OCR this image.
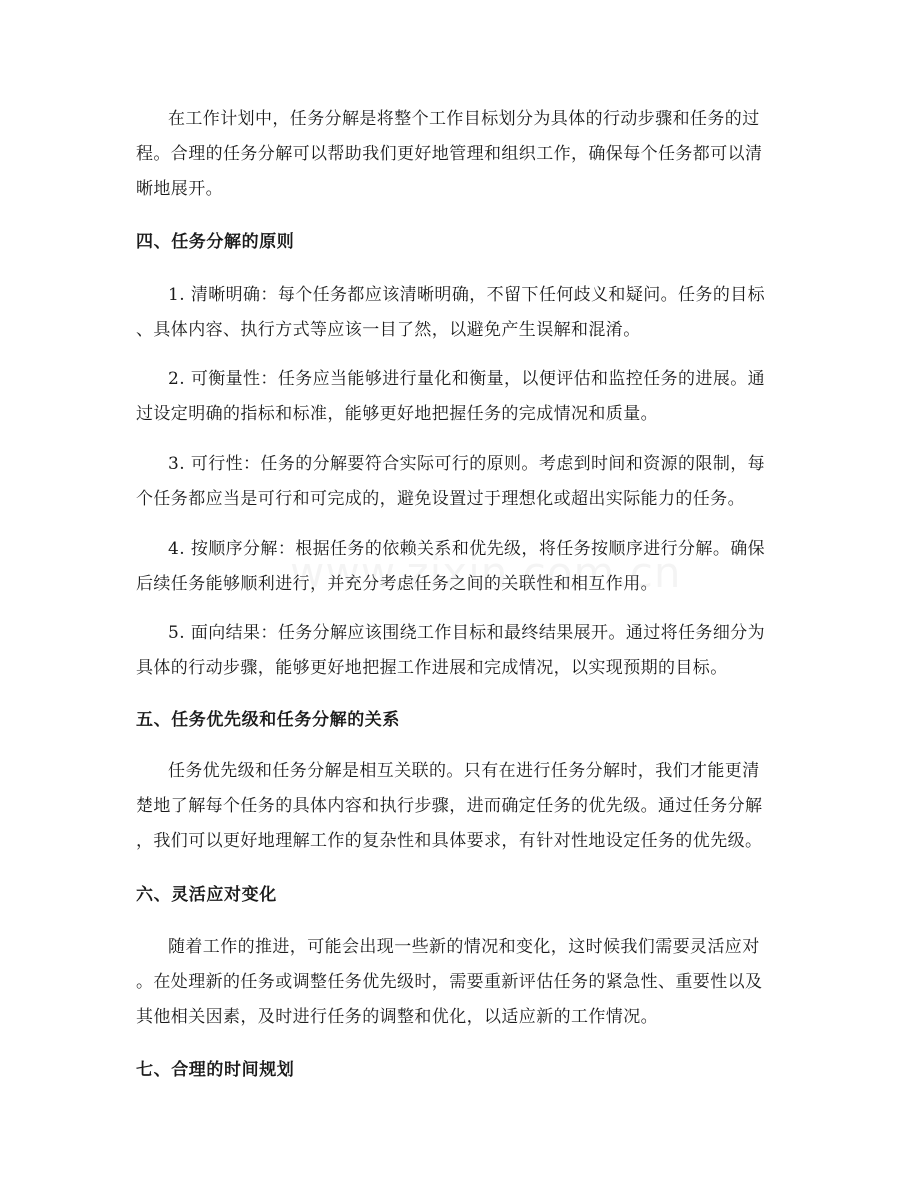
在工作计划中，任务分解是将整个工作目标划分为具体的行动步骤和任务的过
程。合理的任务分解可以帮助我们更好地管理和组织工作，确保每个任务都可以清
晰地展开。

四、任务分解的原则

1. 清晰明确：每个任务都应该清晰明确，不留下任何歧义和疑问。任务的目标
、具体内容、执行方式等应该一目了然，以避免产生误解和混淆。

2. 可衡量性：任务应当能够进行量化和衡量，以便评估和监控任务的进展。通
过设定明确的指标和标准，能够更好地把握任务的完成情况和质量。

3. 可行性：任务的分解要符合实际可行的原则。考虑到时间和资源的限制，每
个任务都应当是可行和可完成的，避免设置过于理想化或超出实际能力的任务。

4. 按顺序分解：根据任务的依赖关系和优先级，将任务按顺序进行分解。确保
后续任务能够顺利进行，并充分考虑任务之间的关联性和相互作用。

5. 面向结果：任务分解应该围绕工作目标和最终结果展开。通过将任务细分为
具体的行动步骤，能够更好地把握工作进展和完成情况，以实现预期的目标。

五、任务优先级和任务分解的关系

任务优先级和任务分解是相互关联的。只有在进行任务分解时，我们才能更清
楚地了解每个任务的具体内容和执行步骤，进而确定任务的优先级。通过任务分解
，我们可以更好地理解工作的复杂性和具体要求，有针对性地设定任务的优先级。

六、灵活应对变化

随着工作的推进，可能会出现一些新的情况和变化，这时候我们需要灵活应对
。在处理新的任务或调整任务优先级时，需要重新评估任务的紧急性、重要性以及
其他相关因素，及时进行任务的调整和优化，以适应新的工作情况。

七、合理的时间规划
